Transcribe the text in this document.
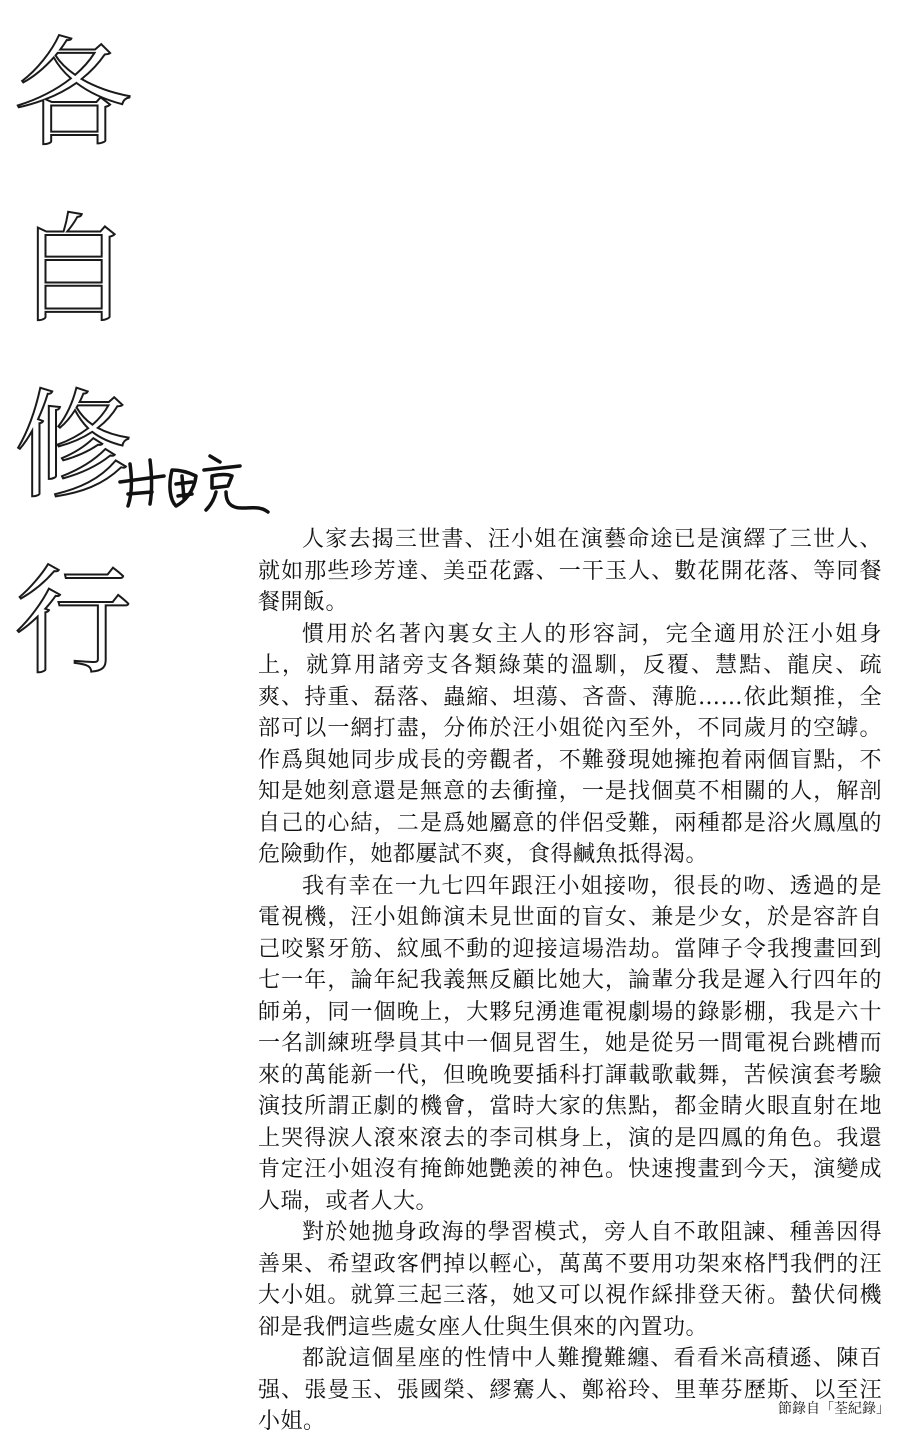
各
自
修
行

人家去揭三世書、汪小姐在演藝命途已是演繹了三世人、就如那些珍芳達、美亞花露、一干玉人、數花開花落、等同餐餐開飯。

慣用於名著內裏女主人的形容詞，完全適用於汪小姐身上，就算用諸旁支各類綠葉的溫馴，反覆、慧黠、龍戾、疏爽、持重、磊落、蟲縮、坦蕩、吝嗇、薄脆……依此類推，全部可以一網打盡，分佈於汪小姐從內至外，不同歲月的空罅。作爲與她同步成長的旁觀者，不難發現她擁抱着兩個盲點，不知是她刻意還是無意的去衝撞，一是找個莫不相關的人，解剖自己的心結，二是爲她屬意的伴侶受難，兩種都是浴火鳳凰的危險動作，她都屢試不爽，食得鹹魚抵得渴。

我有幸在一九七四年跟汪小姐接吻，很長的吻、透過的是電視機，汪小姐飾演未見世面的盲女、兼是少女，於是容許自己咬緊牙筋、紋風不動的迎接這場浩劫。當陣子令我搜畫回到七一年，論年紀我義無反顧比她大，論輩分我是遲入行四年的師弟，同一個晚上，大夥兒湧進電視劇場的錄影棚，我是六十一名訓練班學員其中一個見習生，她是從另一間電視台跳槽而來的萬能新一代，但晚晚要插科打諢載歌載舞，苦候演套考驗演技所謂正劇的機會，當時大家的焦點，都金睛火眼直射在地上哭得淚人滾來滾去的李司棋身上，演的是四鳳的角色。我還肯定汪小姐沒有掩飾她艷羨的神色。快速搜畫到今天，演變成人瑞，或者人大。

對於她拋身政海的學習模式，旁人自不敢阻諫、種善因得善果、希望政客們掉以輕心，萬萬不要用功架來格鬥我們的汪大小姐。就算三起三落，她又可以視作綵排登天術。蟄伏伺機卻是我們這些處女座人仕與生俱來的內置功。

都說這個星座的性情中人難攪難纏、看看米高積遜、陳百强、張曼玉、張國榮、繆騫人、鄭裕玲、里華芬歷斯、以至汪小姐。	節錄自「荃紀錄」
